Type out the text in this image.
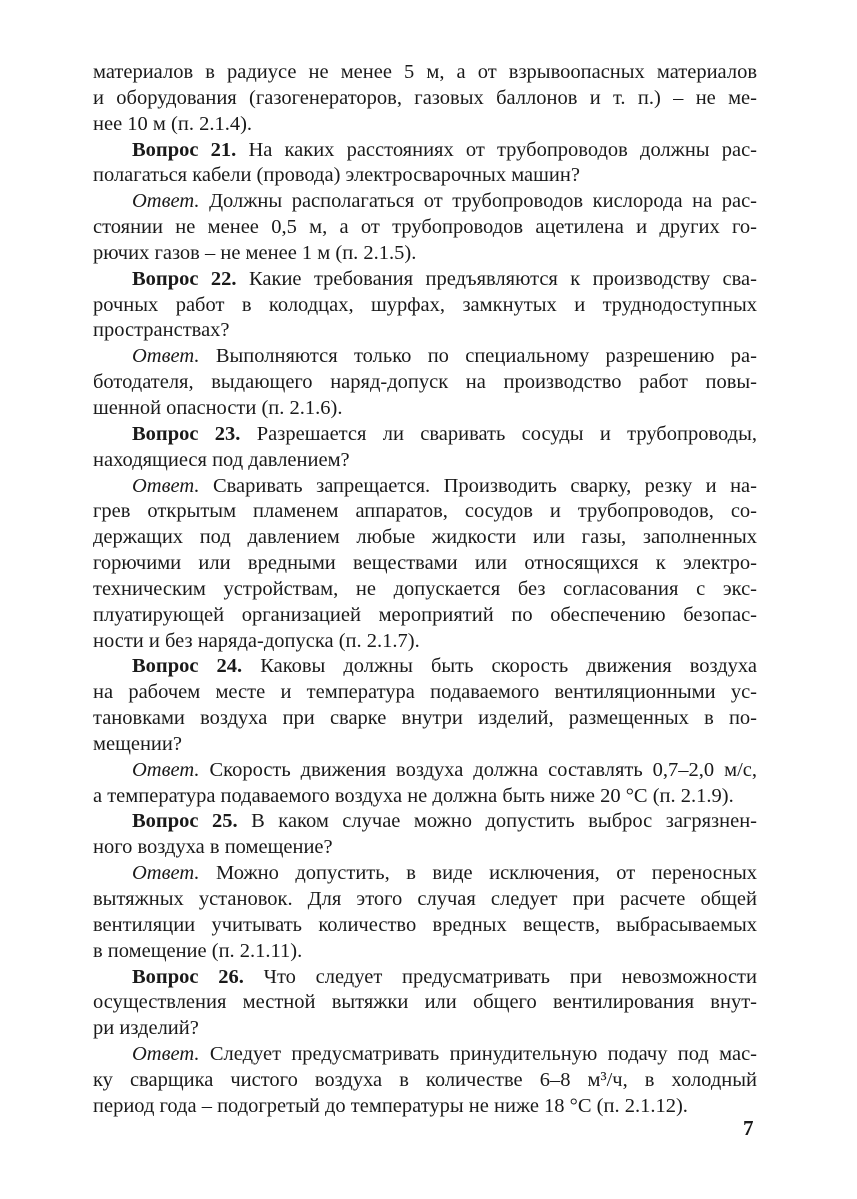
материалов в радиусе не менее 5 м, а от взрывоопасных материалов
и оборудования (газогенераторов, газовых баллонов и т. п.) – не ме-
нее 10 м (п. 2.1.4).
Вопрос 21. На каких расстояниях от трубопроводов должны рас-
полагаться кабели (провода) электросварочных машин?
Ответ. Должны располагаться от трубопроводов кислорода на рас-
стоянии не менее 0,5 м, а от трубопроводов ацетилена и других го-
рючих газов – не менее 1 м (п. 2.1.5).
Вопрос 22. Какие требования предъявляются к производству сва-
рочных работ в колодцах, шурфах, замкнутых и труднодоступных
пространствах?
Ответ. Выполняются только по специальному разрешению ра-
ботодателя, выдающего наряд-допуск на производство работ повы-
шенной опасности (п. 2.1.6).
Вопрос 23. Разрешается ли сваривать сосуды и трубопроводы,
находящиеся под давлением?
Ответ. Сваривать запрещается. Производить сварку, резку и на-
грев открытым пламенем аппаратов, сосудов и трубопроводов, со-
держащих под давлением любые жидкости или газы, заполненных
горючими или вредными веществами или относящихся к электро-
техническим устройствам, не допускается без согласования с экс-
плуатирующей организацией мероприятий по обеспечению безопас-
ности и без наряда-допуска (п. 2.1.7).
Вопрос 24. Каковы должны быть скорость движения воздуха
на рабочем месте и температура подаваемого вентиляционными ус-
тановками воздуха при сварке внутри изделий, размещенных в по-
мещении?
Ответ. Скорость движения воздуха должна составлять 0,7–2,0 м/с,
а температура подаваемого воздуха не должна быть ниже 20 °С (п. 2.1.9).
Вопрос 25. В каком случае можно допустить выброс загрязнен-
ного воздуха в помещение?
Ответ. Можно допустить, в виде исключения, от переносных
вытяжных установок. Для этого случая следует при расчете общей
вентиляции учитывать количество вредных веществ, выбрасываемых
в помещение (п. 2.1.11).
Вопрос 26. Что следует предусматривать при невозможности
осуществления местной вытяжки или общего вентилирования внут-
ри изделий?
Ответ. Следует предусматривать принудительную подачу под мас-
ку сварщика чистого воздуха в количестве 6–8 м³/ч, в холодный
период года – подогретый до температуры не ниже 18 °С (п. 2.1.12).
7
